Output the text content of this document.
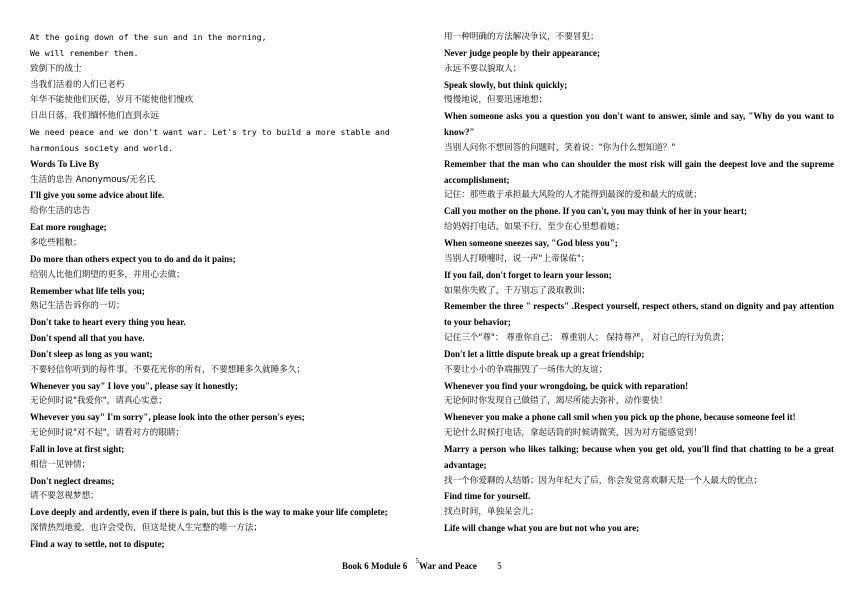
At the going down of the sun and in the morning,
We will remember them.
致倒下的战士
当我们活着的人们已老朽
年华不能使他们厌倦，岁月不能使他们愧疚
日出日落，我们缅怀他们直到永远
We need peace and we don't want war. Let's try to build a more stable and harmonious society and world.
Words To Live By
生活的忠告 Anonymous/无名氏
I'll give you some advice about life.
给你生活的忠告
Eat more roughage;
多吃些粗粮；
Do more than others expect you to do and do it pains;
给别人比他们期望的更多，并用心去做；
Remember what life tells you;
熟记生活告诉你的一切；
Don't take to heart every thing you hear.
Don't spend all that you have.
Don't sleep as long as you want;
不要轻信你听到的每件事，不要花光你的所有，不要想睡多久就睡多久；
Whenever you say" I love you", please say it honestly;
无论何时说"我爱你"，请真心实意；
Whevever you say" I'm sorry", please look into the other person's eyes;
无论何时说"对不起"，请看对方的眼睛；
Fall in love at first sight;
相信一见钟情；
Don't neglect dreams;
请不要忽视梦想；
Love deeply and ardently, even if there is pain, but this is the way to make your life complete;
深情热烈地爱，也许会受伤，但这是使人生完整的唯一方法；
Find a way to settle, not to dispute;
用一种明确的方法解决争议，不要冒犯；
Never judge people by their appearance;
永远不要以貌取人；
Speak slowly, but think quickly;
慢慢地说，但要迅速地想；
When someone asks you a question you don't want to answer, simle and say, "Why do you want to know?"
当别人问你不想回答的问题时，笑着说："你为什么想知道？"
Remember that the man who can shoulder the most risk will gain the deepest love and the supreme accomplishment;
记住：那些敢于承担最大风险的人才能得到最深的爱和最大的成就；
Call you mother on the phone. If you can't, you may think of her in your heart;
给妈妈打电话，如果不行，至少在心里想着她；
When someone sneezes say, "God bless you";
当别人打喷嚏时，说一声"上帝保佑"；
If you fail, don't forget to learn your lesson;
如果你失败了，千万别忘了汲取教训；
Remember the three " respects" .Respect yourself, respect others, stand on dignity and pay attention to your behavior;
记住三个"尊"： 尊重你自己； 尊重别人； 保持尊严， 对自己的行为负责；
Don't let a little dispute break up a great friendship;
不要让小小的争端摧毁了一场伟大的友谊；
Whenever you find your wrongdoing, be quick with reparation!
无论何时你发现自己做错了，竭尽所能去弥补，动作要快！
Whenever you make a phone call smil when you pick up the phone, because someone feel it!
无论什么时候打电话，拿起话筒的时候请微笑，因为对方能感觉到！
Marry a person who likes talking; because when you get old, you'll find that chatting to be a great advantage;
找一个你爱聊的人结婚；因为年纪大了后，你会发觉喜欢聊天是一个人最大的优点；
Find time for yourself.
找点时间，单独呆会儿；
Life will change what you are but not who you are;
Book 6 Module 6 5War and Peace 5
